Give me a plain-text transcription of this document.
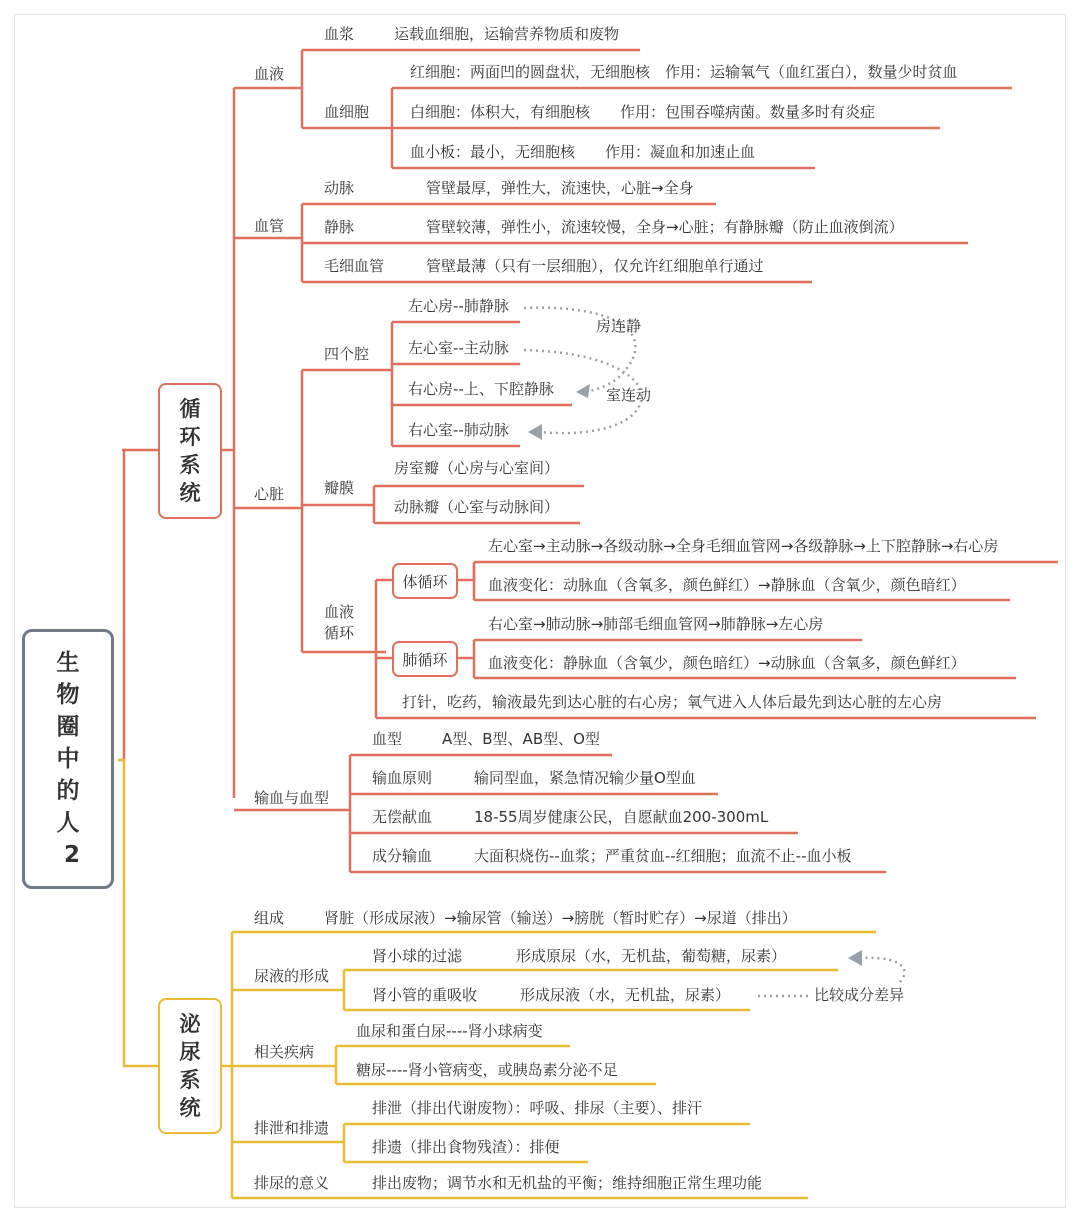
生
物
圈
中
的
人
2
循
环
系
统
泌
尿
系
统
血液
血浆	运载血细胞，运输营养物质和废物
血细胞
红细胞：两面凹的圆盘状，无细胞核　作用：运输氧气（血红蛋白），数量少时贫血
白细胞：体积大，有细胞核　　作用：包围吞噬病菌。数量多时有炎症
血小板：最小，无细胞核　　作用：凝血和加速止血
血管
动脉	管壁最厚，弹性大，流速快，心脏→全身
静脉	管壁较薄，弹性小，流速较慢，全身→心脏；有静脉瓣（防止血液倒流）
毛细血管	管壁最薄（只有一层细胞），仅允许红细胞单行通过
心脏
四个腔
左心房--肺静脉
左心室--主动脉
右心房--上、下腔静脉
右心室--肺动脉
房连静
室连动
瓣膜
房室瓣（心房与心室间）
动脉瓣（心室与动脉间）
血液
循环
体循环
左心室→主动脉→各级动脉→全身毛细血管网→各级静脉→上下腔静脉→右心房
血液变化：动脉血（含氧多，颜色鲜红）→静脉血（含氧少，颜色暗红）
肺循环
右心室→肺动脉→肺部毛细血管网→肺静脉→左心房
血液变化：静脉血（含氧少，颜色暗红）→动脉血（含氧多，颜色鲜红）
打针，吃药，输液最先到达心脏的右心房；氧气进入人体后最先到达心脏的左心房
输血与血型
血型	A型、B型、AB型、O型
输血原则	输同型血，紧急情况输少量O型血
无偿献血	18-55周岁健康公民，自愿献血200-300mL
成分输血	大面积烧伤--血浆；严重贫血--红细胞；血流不止--血小板
组成	肾脏（形成尿液）→输尿管（输送）→膀胱（暂时贮存）→尿道（排出）
尿液的形成
肾小球的过滤	形成原尿（水，无机盐，葡萄糖，尿素）
肾小管的重吸收	形成尿液（水，无机盐，尿素）	比较成分差异
相关疾病
血尿和蛋白尿----肾小球病变
糖尿----肾小管病变，或胰岛素分泌不足
排泄和排遗
排泄（排出代谢废物）：呼吸、排尿（主要）、排汗
排遗（排出食物残渣）：排便
排尿的意义	排出废物；调节水和无机盐的平衡；维持细胞正常生理功能
